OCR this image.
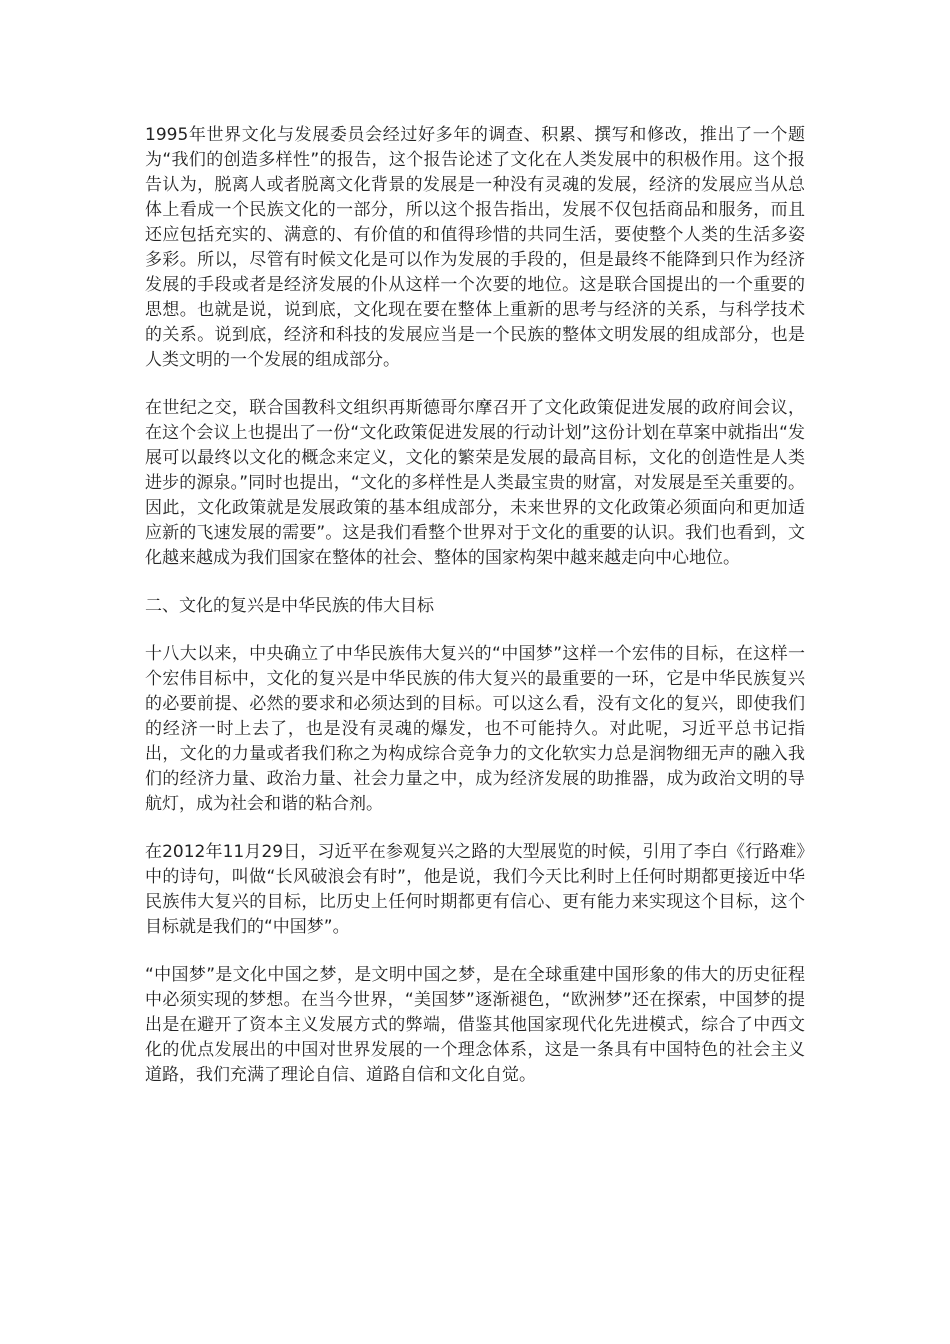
1995年世界文化与发展委员会经过好多年的调查、积累、撰写和修改，推出了一个题为“我们的创造多样性”的报告，这个报告论述了文化在人类发展中的积极作用。这个报告认为，脱离人或者脱离文化背景的发展是一种没有灵魂的发展，经济的发展应当从总体上看成一个民族文化的一部分，所以这个报告指出，发展不仅包括商品和服务，而且还应包括充实的、满意的、有价值的和值得珍惜的共同生活，要使整个人类的生活多姿多彩。所以，尽管有时候文化是可以作为发展的手段的，但是最终不能降到只作为经济发展的手段或者是经济发展的仆从这样一个次要的地位。这是联合国提出的一个重要的思想。也就是说，说到底，文化现在要在整体上重新的思考与经济的关系，与科学技术的关系。说到底，经济和科技的发展应当是一个民族的整体文明发展的组成部分，也是人类文明的一个发展的组成部分。

在世纪之交，联合国教科文组织再斯德哥尔摩召开了文化政策促进发展的政府间会议，在这个会议上也提出了一份“文化政策促进发展的行动计划”这份计划在草案中就指出“发展可以最终以文化的概念来定义，文化的繁荣是发展的最高目标，文化的创造性是人类进步的源泉。”同时也提出，“文化的多样性是人类最宝贵的财富，对发展是至关重要的。因此，文化政策就是发展政策的基本组成部分，未来世界的文化政策必须面向和更加适应新的飞速发展的需要”。这是我们看整个世界对于文化的重要的认识。我们也看到，文化越来越成为我们国家在整体的社会、整体的国家构架中越来越走向中心地位。

二、文化的复兴是中华民族的伟大目标

十八大以来，中央确立了中华民族伟大复兴的“中国梦”这样一个宏伟的目标，在这样一个宏伟目标中，文化的复兴是中华民族的伟大复兴的最重要的一环，它是中华民族复兴的必要前提、必然的要求和必须达到的目标。可以这么看，没有文化的复兴，即使我们的经济一时上去了，也是没有灵魂的爆发，也不可能持久。对此呢，习近平总书记指出，文化的力量或者我们称之为构成综合竞争力的文化软实力总是润物细无声的融入我们的经济力量、政治力量、社会力量之中，成为经济发展的助推器，成为政治文明的导航灯，成为社会和谐的粘合剂。

在2012年11月29日，习近平在参观复兴之路的大型展览的时候，引用了李白《行路难》中的诗句，叫做“长风破浪会有时”，他是说，我们今天比利时上任何时期都更接近中华民族伟大复兴的目标，比历史上任何时期都更有信心、更有能力来实现这个目标，这个目标就是我们的“中国梦”。

“中国梦”是文化中国之梦，是文明中国之梦，是在全球重建中国形象的伟大的历史征程中必须实现的梦想。在当今世界，“美国梦”逐渐褪色，“欧洲梦”还在探索，中国梦的提出是在避开了资本主义发展方式的弊端，借鉴其他国家现代化先进模式，综合了中西文化的优点发展出的中国对世界发展的一个理念体系，这是一条具有中国特色的社会主义道路，我们充满了理论自信、道路自信和文化自觉。
